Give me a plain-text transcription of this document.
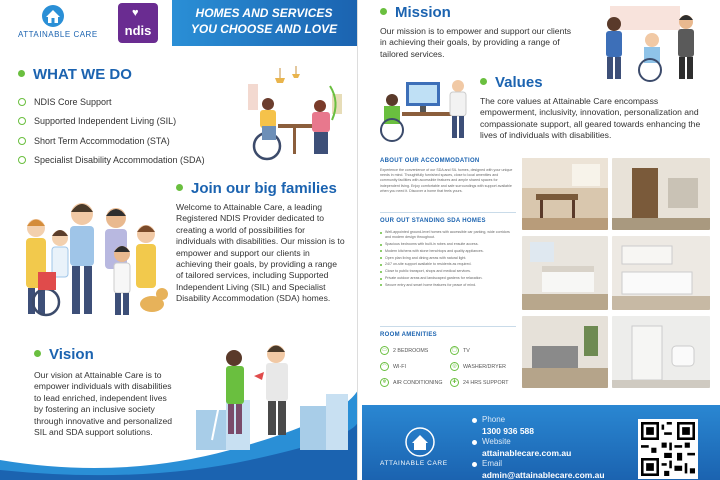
ATTAINABLE CARE
♥
ndis
HOMES AND SERVICES
YOU CHOOSE AND LOVE
WHAT WE DO
NDIS Core Support
Supported Independent Living (SIL)
Short Term Accommodation (STA)
Specialist Disability Accommodation (SDA)
Join our big families
Welcome to Attainable Care, a leading Registered NDIS Provider dedicated to creating a world of possibilities for individuals with disabilities. Our mission is to empower and support our clients in achieving their goals, by providing a range of tailored services, including Supported Independent Living (SIL) and Specialist Disability Accommodation (SDA) homes.
Vision
Our vision at Attainable Care is to empower individuals with disabilities to lead enriched, independent lives by fostering an inclusive society through innovative and personalized SIL and SDA support solutions.
Mission
Our mission is to empower and support our clients in achieving their goals, by providing a range of tailored services.
Values
The core values at Attainable Care encompass empowerment, inclusivity, innovation, personalization and compassionate support, all geared towards enhancing the lives of individuals with disabilities.
ABOUT OUR ACCOMMODATION
Experience the convenience of our SDA and SIL homes, designed with your unique needs in mind. Thoughtfully furnished spaces, close to local amenities and community facilities with accessible features and ample shared spaces for independent living. Enjoy comfortable and safe surroundings with support available when you need it. Discover a home that feels yours.
OUR OUT STANDING SDA HOMES
Well-appointed ground-level homes with accessible car parking, wide corridors and modern design throughout.
Spacious bedrooms with built-in robes and ensuite access.
Modern kitchens with stone benchtops and quality appliances.
Open plan living and dining areas with natural light.
24/7 on-site support available to residents as required.
Close to public transport, shops and medical services.
Private outdoor areas and landscaped gardens for relaxation.
Secure entry and smart home features for peace of mind.
ROOM AMENITIES
▭	2 BEDROOMS	▢	TV
◠	WI-FI	◎	WASHER/DRYER
❄	AIR CONDITIONING	✚	24 HRS SUPPORT
ATTAINABLE CARE
Phone
1300 936 588
Website
attainablecare.com.au
Email
admin@attainablecare.com.au
